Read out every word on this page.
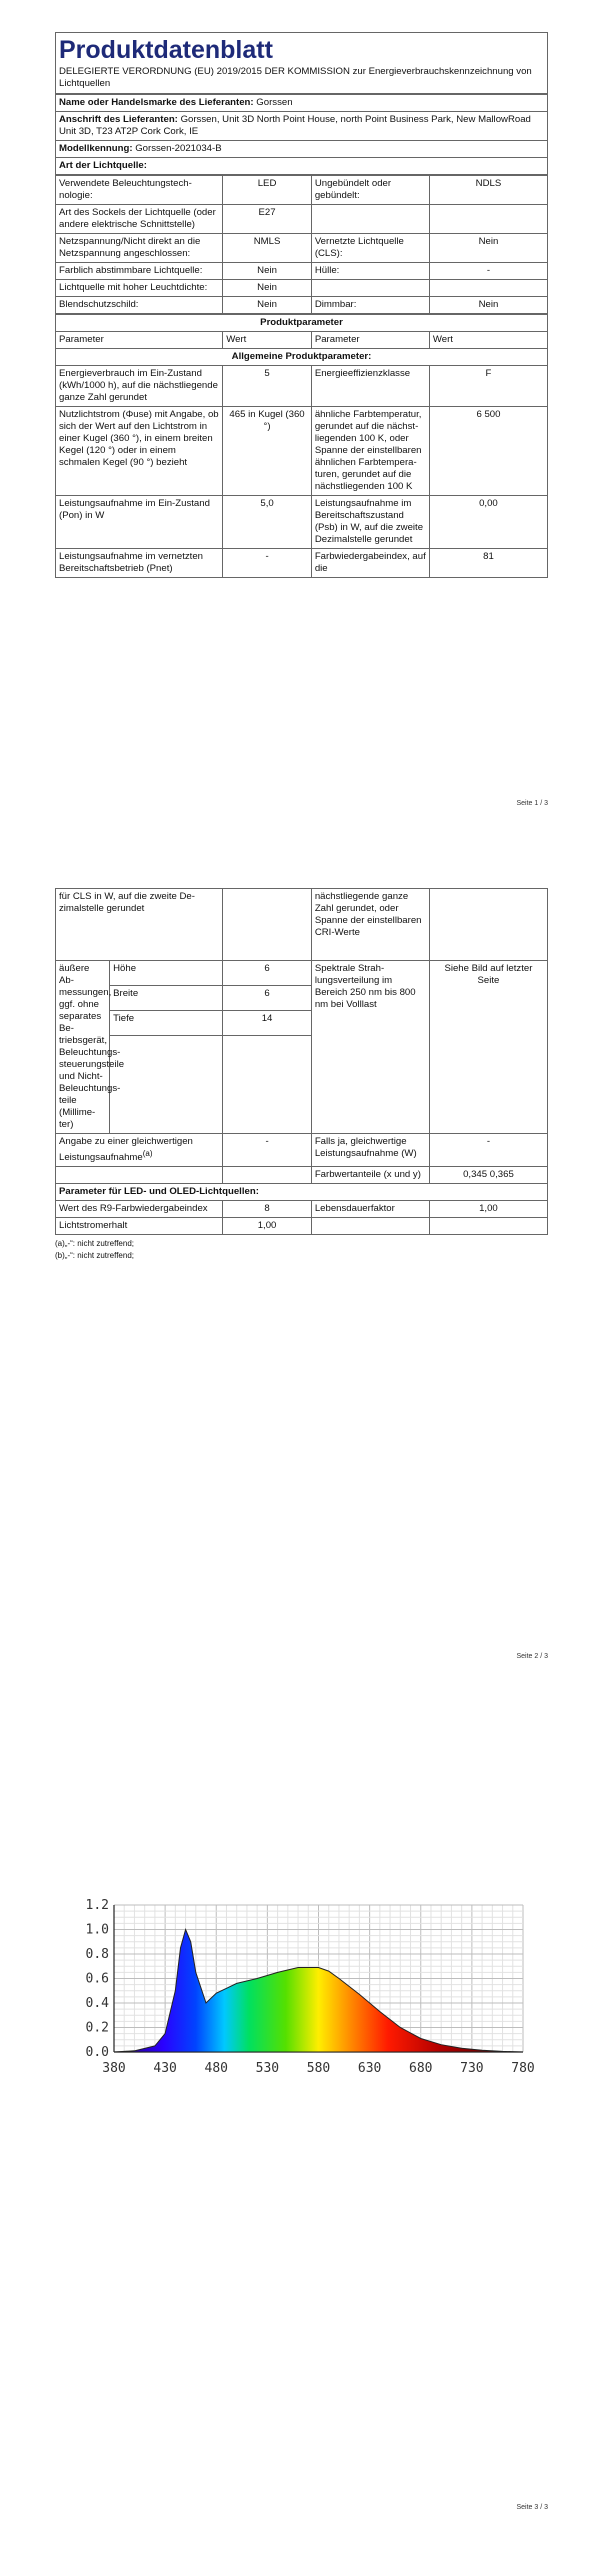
Produktdatenblatt
DELEGIERTE VERORDNUNG (EU) 2019/2015 DER KOMMISSION zur Energieverbrauchskennzeichnung von Lichtquellen
Name oder Handelsmarke des Lieferanten: Gorssen
Anschrift des Lieferanten: Gorssen, Unit 3D North Point House, north Point Business Park, New MallowRoad Unit 3D, T23 AT2P Cork Cork, IE
Modellkennung: Gorssen-2021034-B
Art der Lichtquelle:
Verwendete Beleuchtungstechnologie:	LED	Ungebündelt oder gebündelt:	NDLS
Art des Sockels der Lichtquelle (oder andere elektrische Schnittstelle)	E27		
Netzspannung/Nicht direkt an die Netzspannung angeschlossen:	NMLS	Vernetzte Lichtquelle (CLS):	Nein
Farblich abstimmbare Lichtquelle:	Nein	Hülle:	-
Lichtquelle mit hoher Leuchtdichte:	Nein		
Blendschutzschild:	Nein	Dimmbar:	Nein
Produktparameter			
Parameter	Wert	Parameter	Wert
Allgemeine Produktparameter:			
Energieverbrauch im Ein-Zustand (kWh/1000 h), auf die nächstliegende ganze Zahl gerundet	5	Energieeffizienzklasse	F
Nutzlichtstrom (Φuse) mit Angabe, ob sich der Wert auf den Lichtstrom in einer Kugel (360 °), in einem breiten Kegel (120 °) oder in einem schmalen Kegel (90 °) bezieht	465 in Kugel (360 °)	ähnliche Farbtemperatur, gerundet auf die nächstliegenden 100 K, oder Spanne der einstellbaren ähnlichen Farbtemperaturen, gerundet auf die nächstliegenden 100 K	6 500
Leistungsaufnahme im Ein-Zustand (Pon) in W	5,0	Leistungsaufnahme im Bereitschaftszustand (Psb) in W, auf die zweite Dezimalstelle gerundet	0,00
Leistungsaufnahme im vernetzten Bereitschaftsbetrieb (Pnet)	-	Farbwiedergabeindex, auf die	81
Seite 1 / 3
für CLS in W, auf die zweite Dezimalstelle gerundet			nächstliegende ganze Zahl gerundet, oder Spanne der einstellbaren CRI-Werte	
äußere Abmessungen, ggf. ohne separates Betriebsgerät, Beleuchtungssteuerungsteile und Nicht-Beleuchtungsteile (Millimeter)	Höhe	6	Spektrale Strahlungsverteilung im Bereich 250 nm bis 800 nm bei Volllast	Siehe Bild auf letzter Seite
	Breite	6		
	Tiefe	14		

Angabe zu einer gleichwertigen Leistungsaufnahme$^{(a)}$		-	Falls ja, gleichwertige Leistungsaufnahme (W)	-
			Farbwertanteile (x und y)	0,345 0,365
Parameter für LED- und OLED-Lichtquellen:				
Wert des R9-Farbwiedergabeindex		8	Lebensdauerfaktor	1,00
Lichtstromerhalt		1,00		
(a)„-“: nicht zutreffend;
(b)„-“: nicht zutreffend;
Seite 2 / 3
Seite 3 / 3
0.0
0.2
0.4
0.6
0.8
1.0
1.2
380 430 480 530 580 630 680 730 780
